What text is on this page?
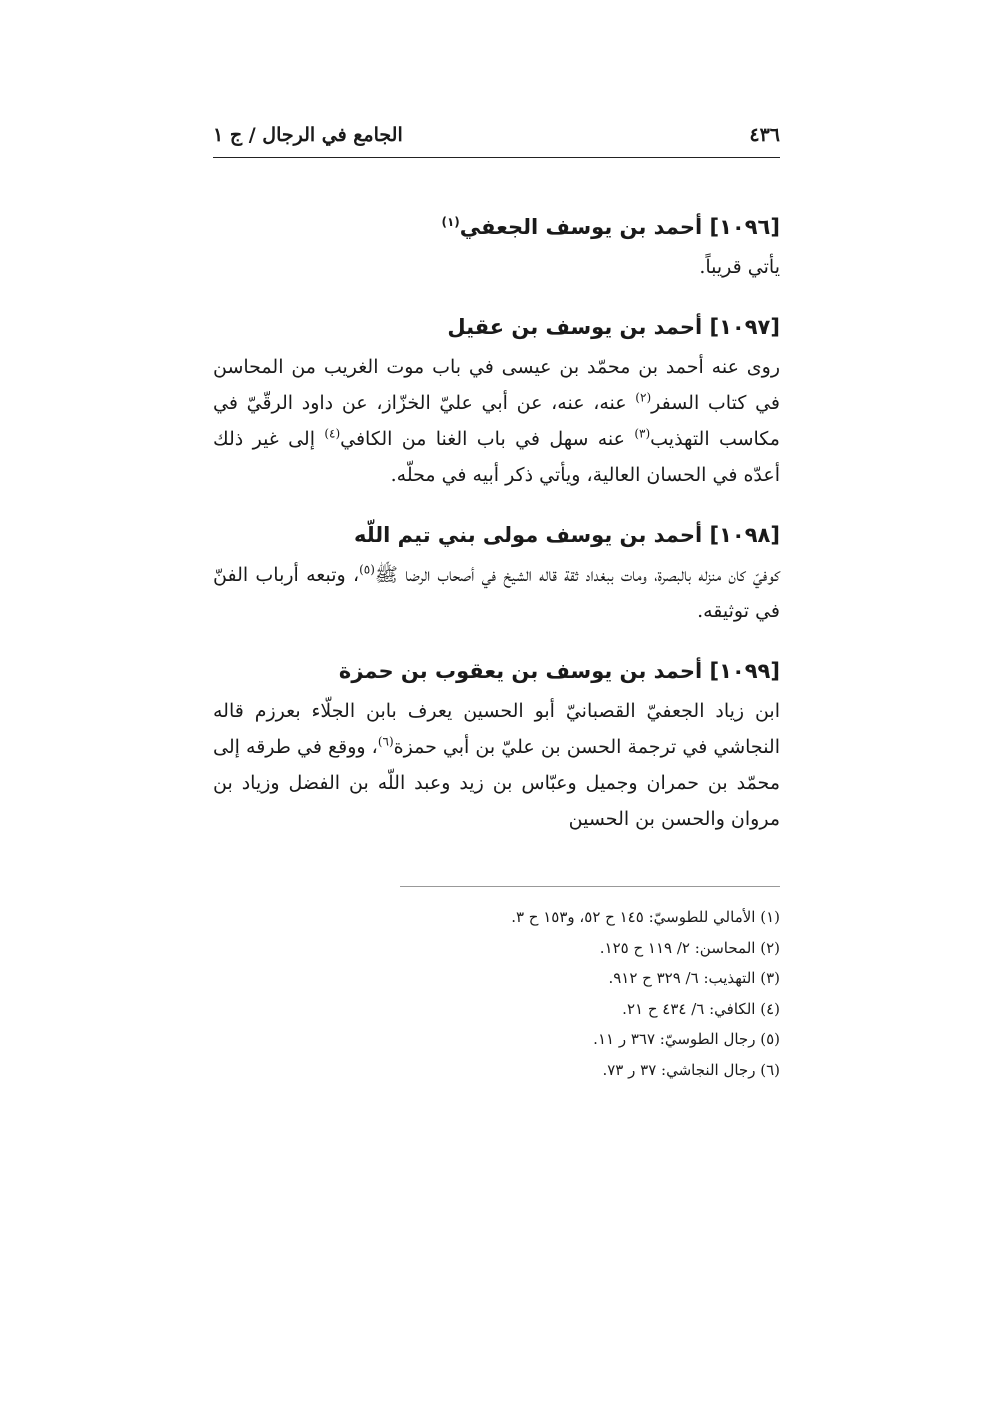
٤٣٦
الجامع في الرجال / ج ١

[١٠٩٦] أحمد بن يوسف الجعفي$^{(١)}$

يأتي قريباً.

[١٠٩٧] أحمد بن يوسف بن عقيل

روى عنه أحمد بن محمّد بن عيسى في باب موت الغريب من المحاسن في كتاب السفر$^{(٢)}$ عنه، عنه، عن أبي عليّ الخزّاز، عن داود الرقّيّ في مكاسب التهذيب$^{(٣)}$ عنه سهل في باب الغنا من الكافي$^{(٤)}$ إلى غير ذلك أعدّه في الحسان العالية، ويأتي ذكر أبيه في محلّه.

[١٠٩٨] أحمد بن يوسف مولى بني تيم اللّه

كوفيّ كان منزله بالبصرة، ومات ببغداد ثقة قاله الشيخ في أصحاب الرضا ﷺ$^{(٥)}$، وتبعه أرباب الفنّ في توثيقه.

[١٠٩٩] أحمد بن يوسف بن يعقوب بن حمزة

ابن زياد الجعفيّ القصبانيّ أبو الحسين يعرف بابن الجلّاء بعرزم قاله النجاشي في ترجمة الحسن بن عليّ بن أبي حمزة$^{(٦)}$، ووقع في طرقه إلى محمّد بن حمران وجميل وعبّاس بن زيد وعبد اللّه بن الفضل وزياد بن مروان والحسن بن الحسين

(١) الأمالي للطوسيّ: ١٤٥ ح ٥٢، و١٥٣ ح ٣.

(٢) المحاسن: ٢/ ١١٩ ح ١٢٥.

(٣) التهذيب: ٦/ ٣٢٩ ح ٩١٢.

(٤) الكافي: ٦/ ٤٣٤ ح ٢١.

(٥) رجال الطوسيّ: ٣٦٧ ر ١١.

(٦) رجال النجاشي: ٣٧ ر ٧٣.
